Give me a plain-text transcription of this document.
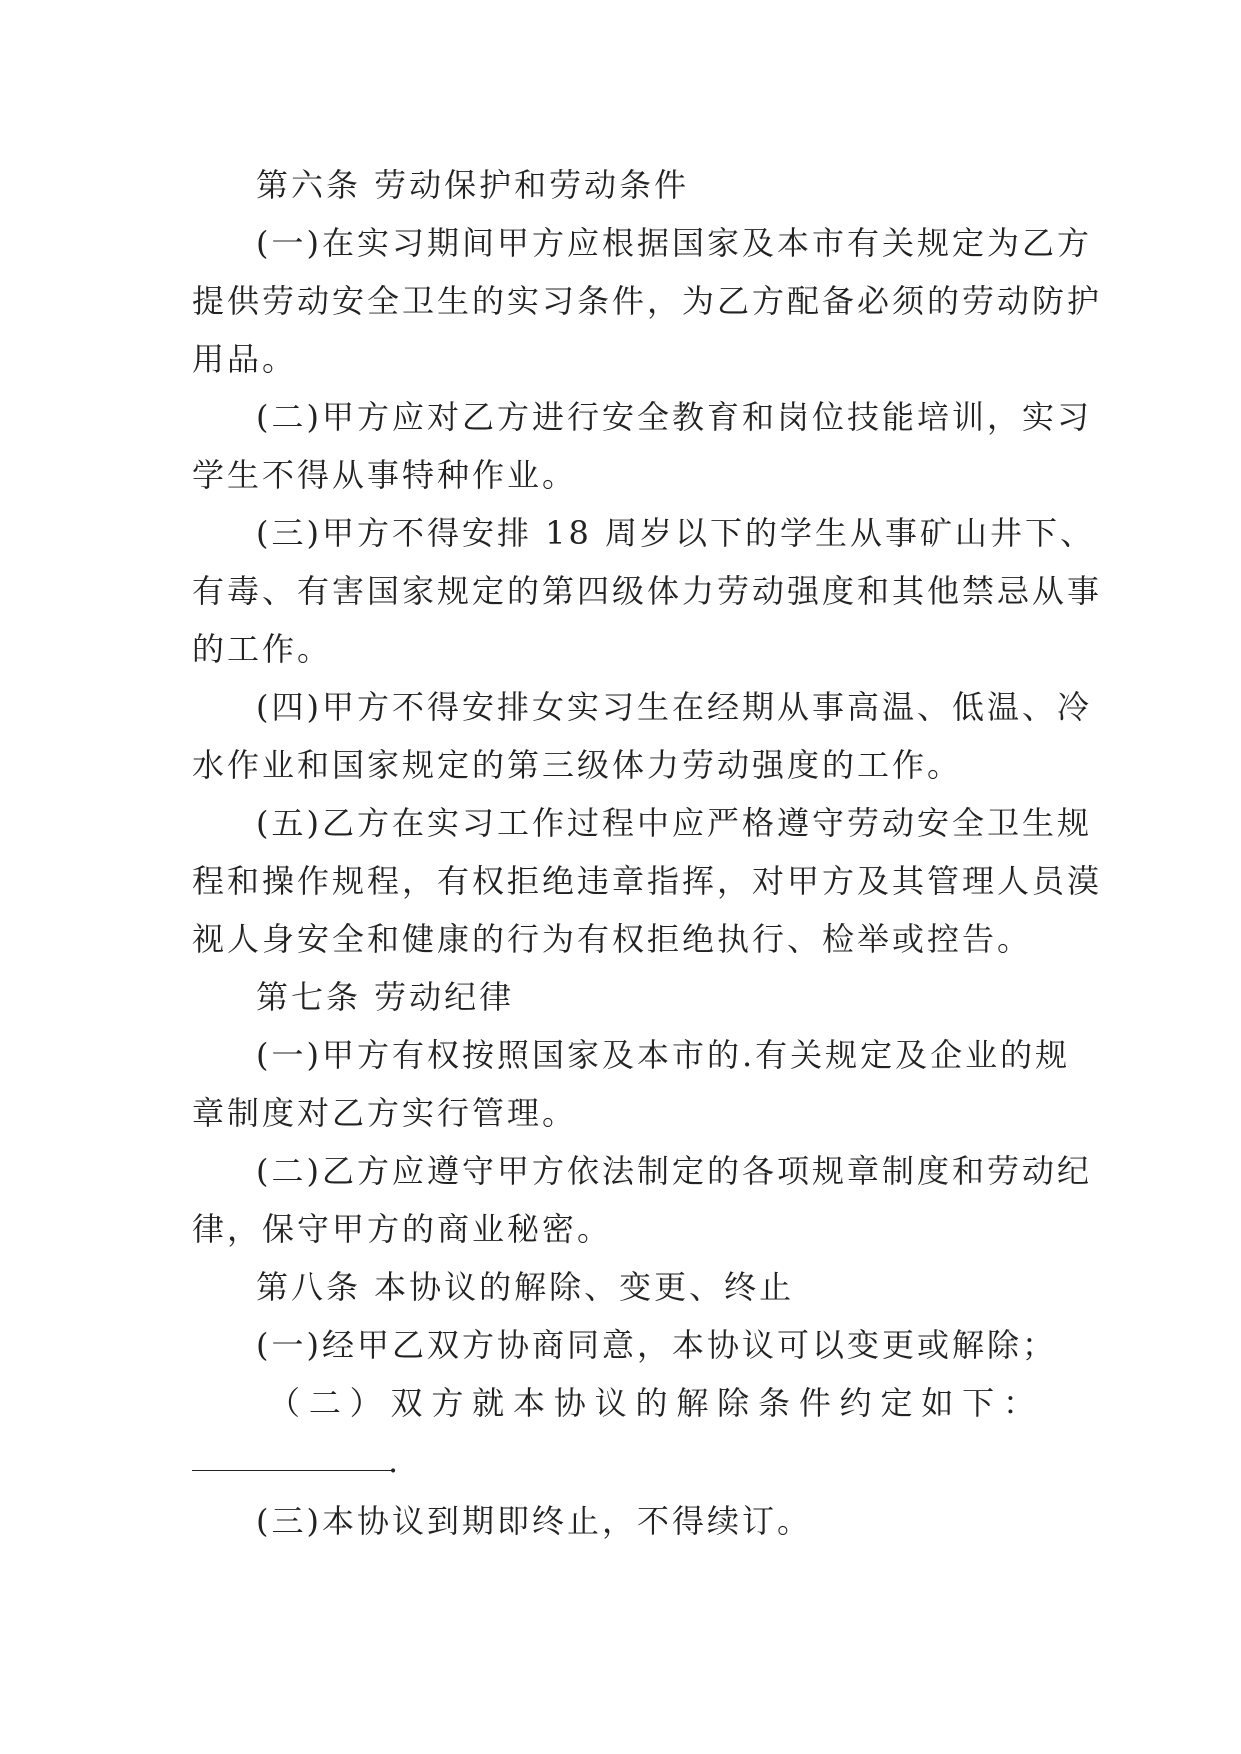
第六条 劳动保护和劳动条件
(一)在实习期间甲方应根据国家及本市有关规定为乙方
提供劳动安全卫生的实习条件，为乙方配备必须的劳动防护
用品。
(二)甲方应对乙方进行安全教育和岗位技能培训，实习
学生不得从事特种作业。
(三)甲方不得安排 18 周岁以下的学生从事矿山井下、
有毒、有害国家规定的第四级体力劳动强度和其他禁忌从事
的工作。
(四)甲方不得安排女实习生在经期从事高温、低温、冷
水作业和国家规定的第三级体力劳动强度的工作。
(五)乙方在实习工作过程中应严格遵守劳动安全卫生规
程和操作规程，有权拒绝违章指挥，对甲方及其管理人员漠
视人身安全和健康的行为有权拒绝执行、检举或控告。
第七条 劳动纪律
(一)甲方有权按照国家及本市的.有关规定及企业的规
章制度对乙方实行管理。
(二)乙方应遵守甲方依法制定的各项规章制度和劳动纪
律，保守甲方的商业秘密。
第八条 本协议的解除、变更、终止
(一)经甲乙双方协商同意，本协议可以变更或解除；
（二）双方就本协议的解除条件约定如下：
.
(三)本协议到期即终止，不得续订。
